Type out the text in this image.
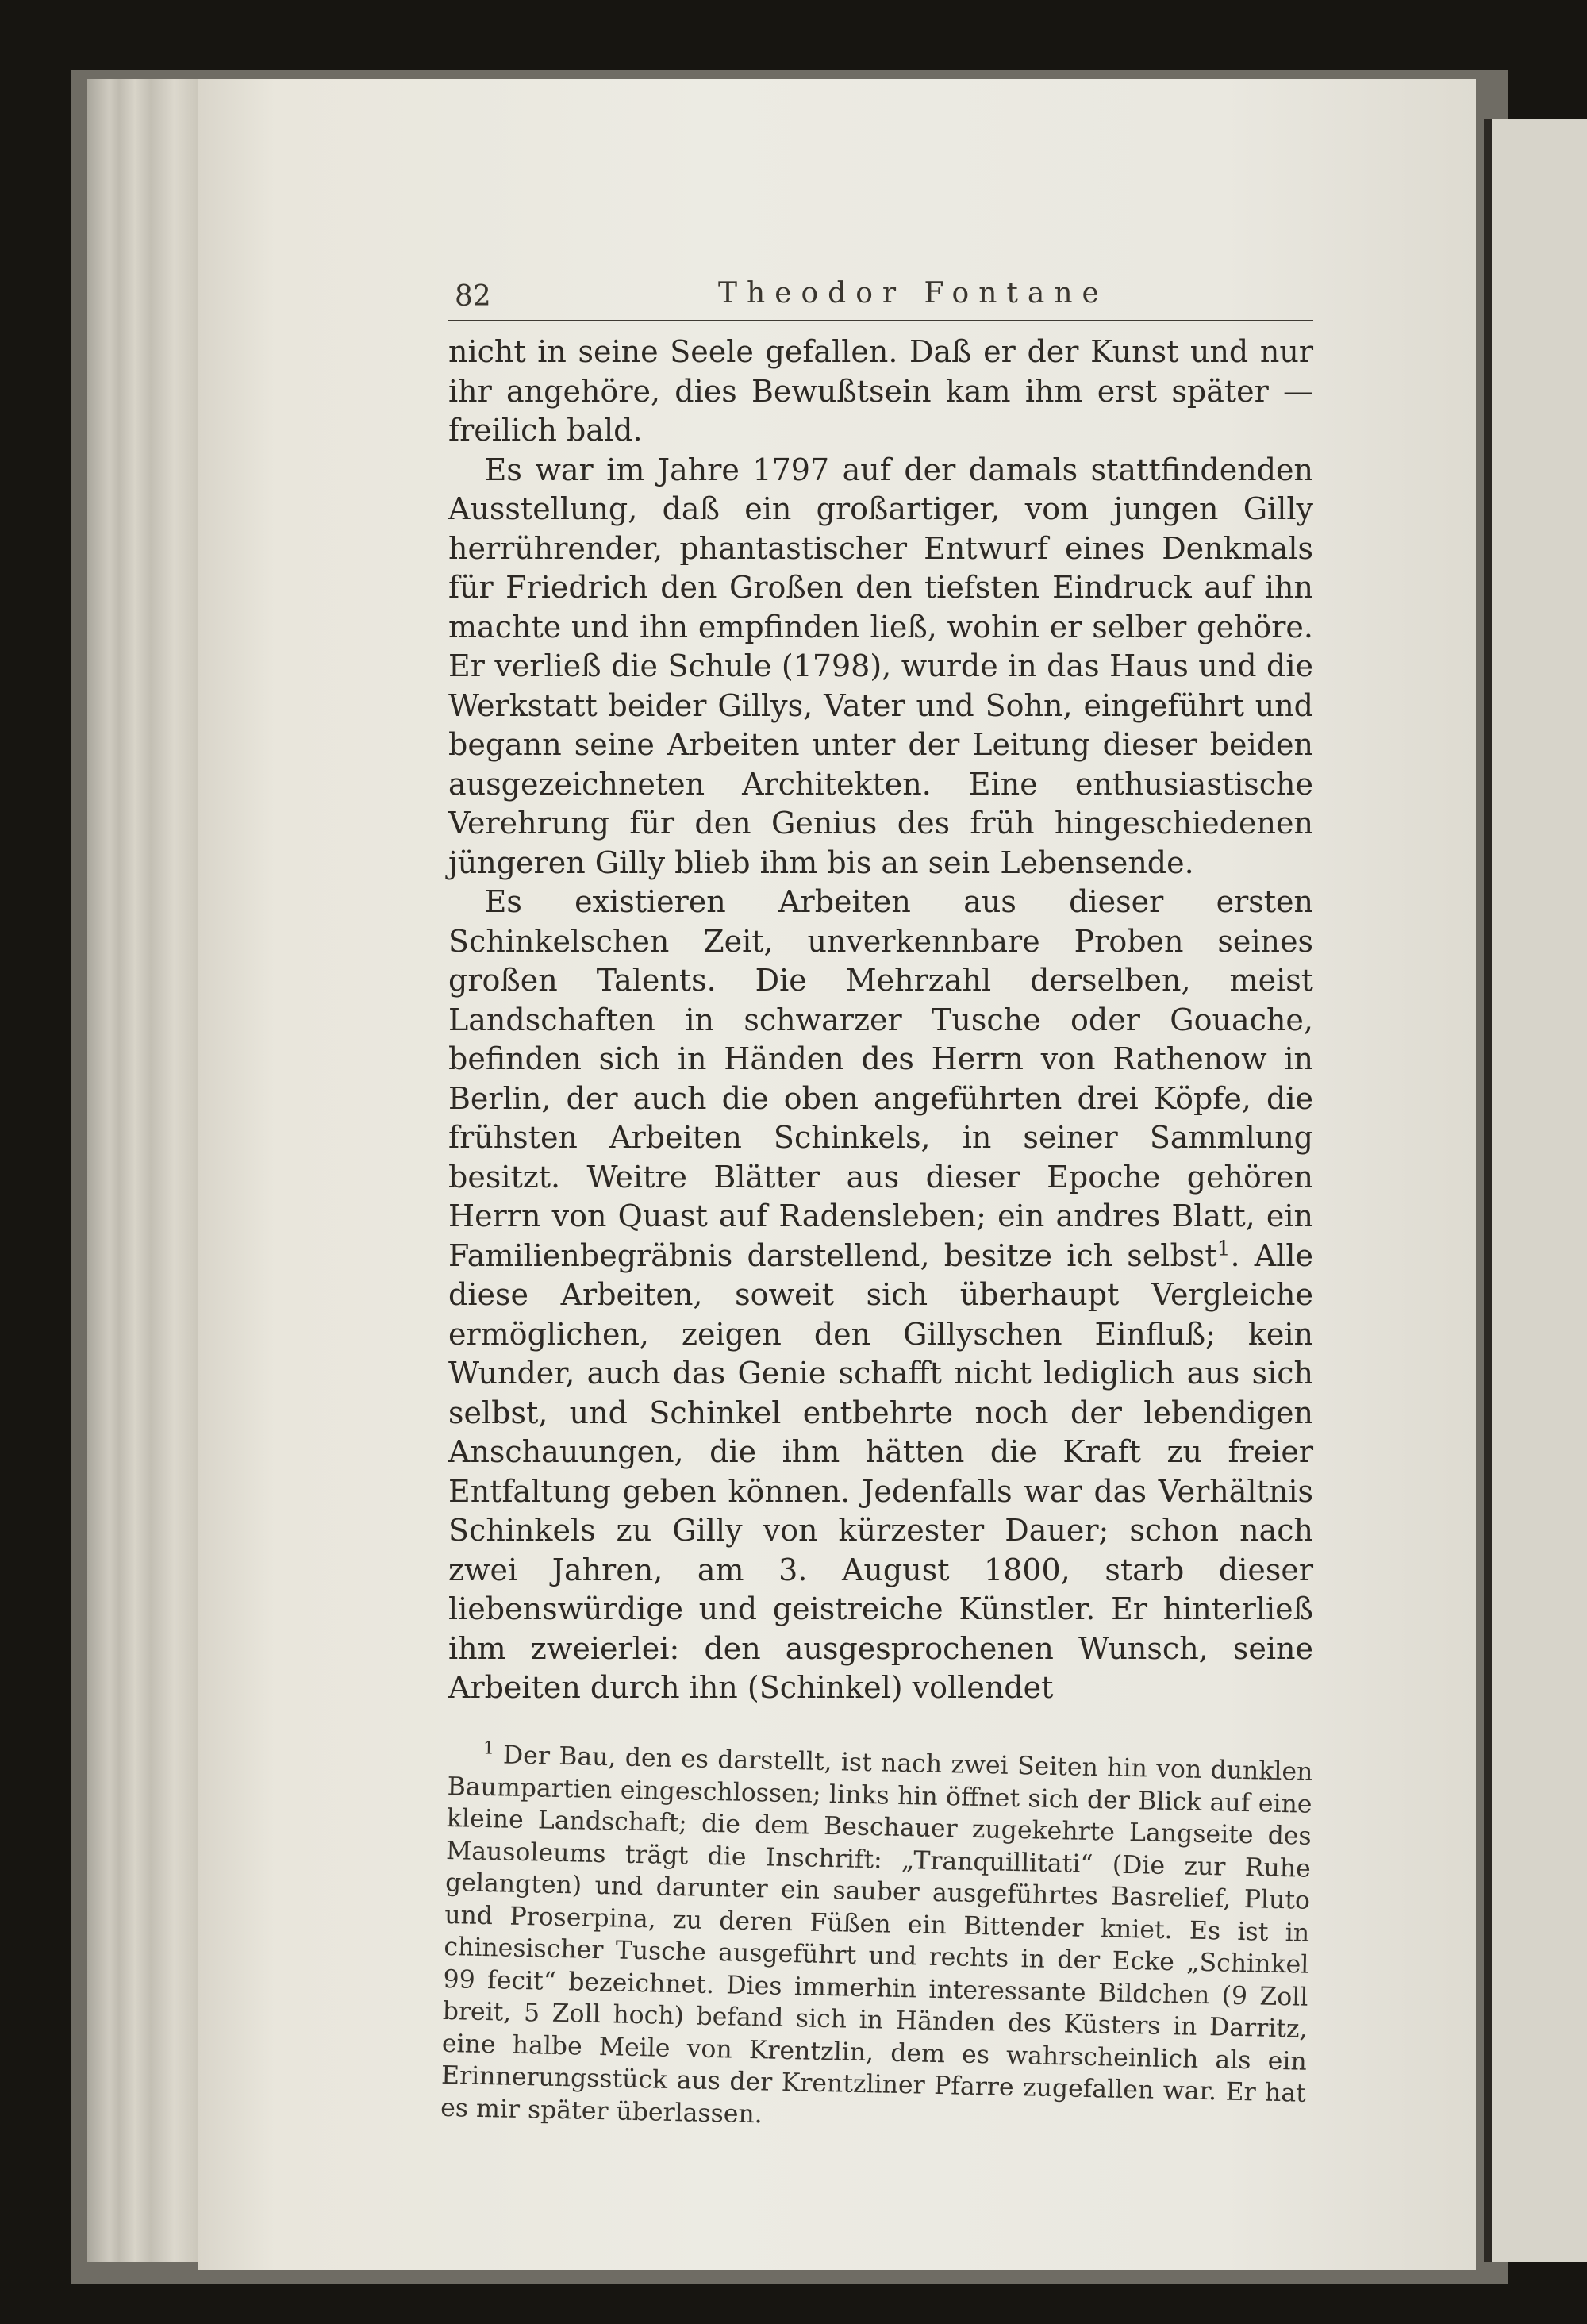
82	Theodor Fontane

nicht in seine Seele gefallen. Daß er der Kunst und nur ihr angehöre, dies Bewußtsein kam ihm erst später — freilich bald.

Es war im Jahre 1797 auf der damals stattfindenden Ausstellung, daß ein großartiger, vom jungen Gilly herrührender, phantastischer Entwurf eines Denkmals für Friedrich den Großen den tiefsten Eindruck auf ihn machte und ihn empfinden ließ, wohin er selber gehöre. Er verließ die Schule (1798), wurde in das Haus und die Werkstatt beider Gillys, Vater und Sohn, eingeführt und begann seine Arbeiten unter der Leitung dieser beiden ausgezeichneten Architekten. Eine enthusiastische Verehrung für den Genius des früh hingeschiedenen jüngeren Gilly blieb ihm bis an sein Lebensende.

Es existieren Arbeiten aus dieser ersten Schinkelschen Zeit, unverkennbare Proben seines großen Talents. Die Mehrzahl derselben, meist Landschaften in schwarzer Tusche oder Gouache, befinden sich in Händen des Herrn von Rathenow in Berlin, der auch die oben angeführten drei Köpfe, die frühsten Arbeiten Schinkels, in seiner Sammlung besitzt. Weitre Blätter aus dieser Epoche gehören Herrn von Quast auf Radensleben; ein andres Blatt, ein Familienbegräbnis darstellend, besitze ich selbst$^1$. Alle diese Arbeiten, soweit sich überhaupt Vergleiche ermöglichen, zeigen den Gillyschen Einfluß; kein Wunder, auch das Genie schafft nicht lediglich aus sich selbst, und Schinkel entbehrte noch der lebendigen Anschauungen, die ihm hätten die Kraft zu freier Entfaltung geben können. Jedenfalls war das Verhältnis Schinkels zu Gilly von kürzester Dauer; schon nach zwei Jahren, am 3. August 1800, starb dieser liebenswürdige und geistreiche Künstler. Er hinterließ ihm zweierlei: den ausgesprochenen Wunsch, seine Arbeiten durch ihn (Schinkel) vollendet

$^1$ Der Bau, den es darstellt, ist nach zwei Seiten hin von dunklen Baumpartien eingeschlossen; links hin öffnet sich der Blick auf eine kleine Landschaft; die dem Beschauer zugekehrte Langseite des Mausoleums trägt die Inschrift: „Tranquillitati“ (Die zur Ruhe gelangten) und darunter ein sauber ausgeführtes Basrelief, Pluto und Proserpina, zu deren Füßen ein Bittender kniet. Es ist in chinesischer Tusche ausgeführt und rechts in der Ecke „Schinkel 99 fecit“ bezeichnet. Dies immerhin interessante Bildchen (9 Zoll breit, 5 Zoll hoch) befand sich in Händen des Küsters in Darritz, eine halbe Meile von Krentzlin, dem es wahrscheinlich als ein Erinnerungsstück aus der Krentzliner Pfarre zugefallen war. Er hat es mir später überlassen.
